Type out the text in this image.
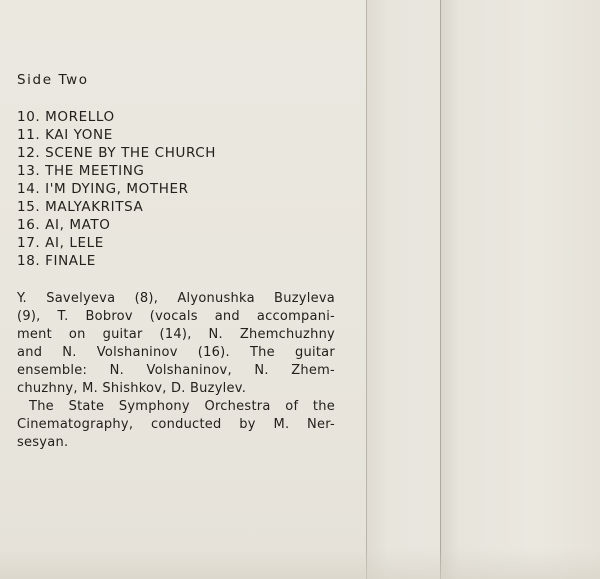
Side Two
10. MORELLO
11. KAI YONE
12. SCENE BY THE CHURCH
13. THE MEETING
14. I'M DYING, MOTHER
15. MALYAKRITSA
16. AI, MATO
17. AI, LELE
18. FINALE
Y. Savelyeva (8), Alyonushka Buzyleva
(9), T. Bobrov (vocals and accompani-
ment on guitar (14), N. Zhemchuzhny
and N. Volshaninov (16). The guitar
ensemble: N. Volshaninov, N. Zhem-
chuzhny, M. Shishkov, D. Buzylev.
The State Symphony Orchestra of the
Cinematography, conducted by M. Ner-
sesyan.
